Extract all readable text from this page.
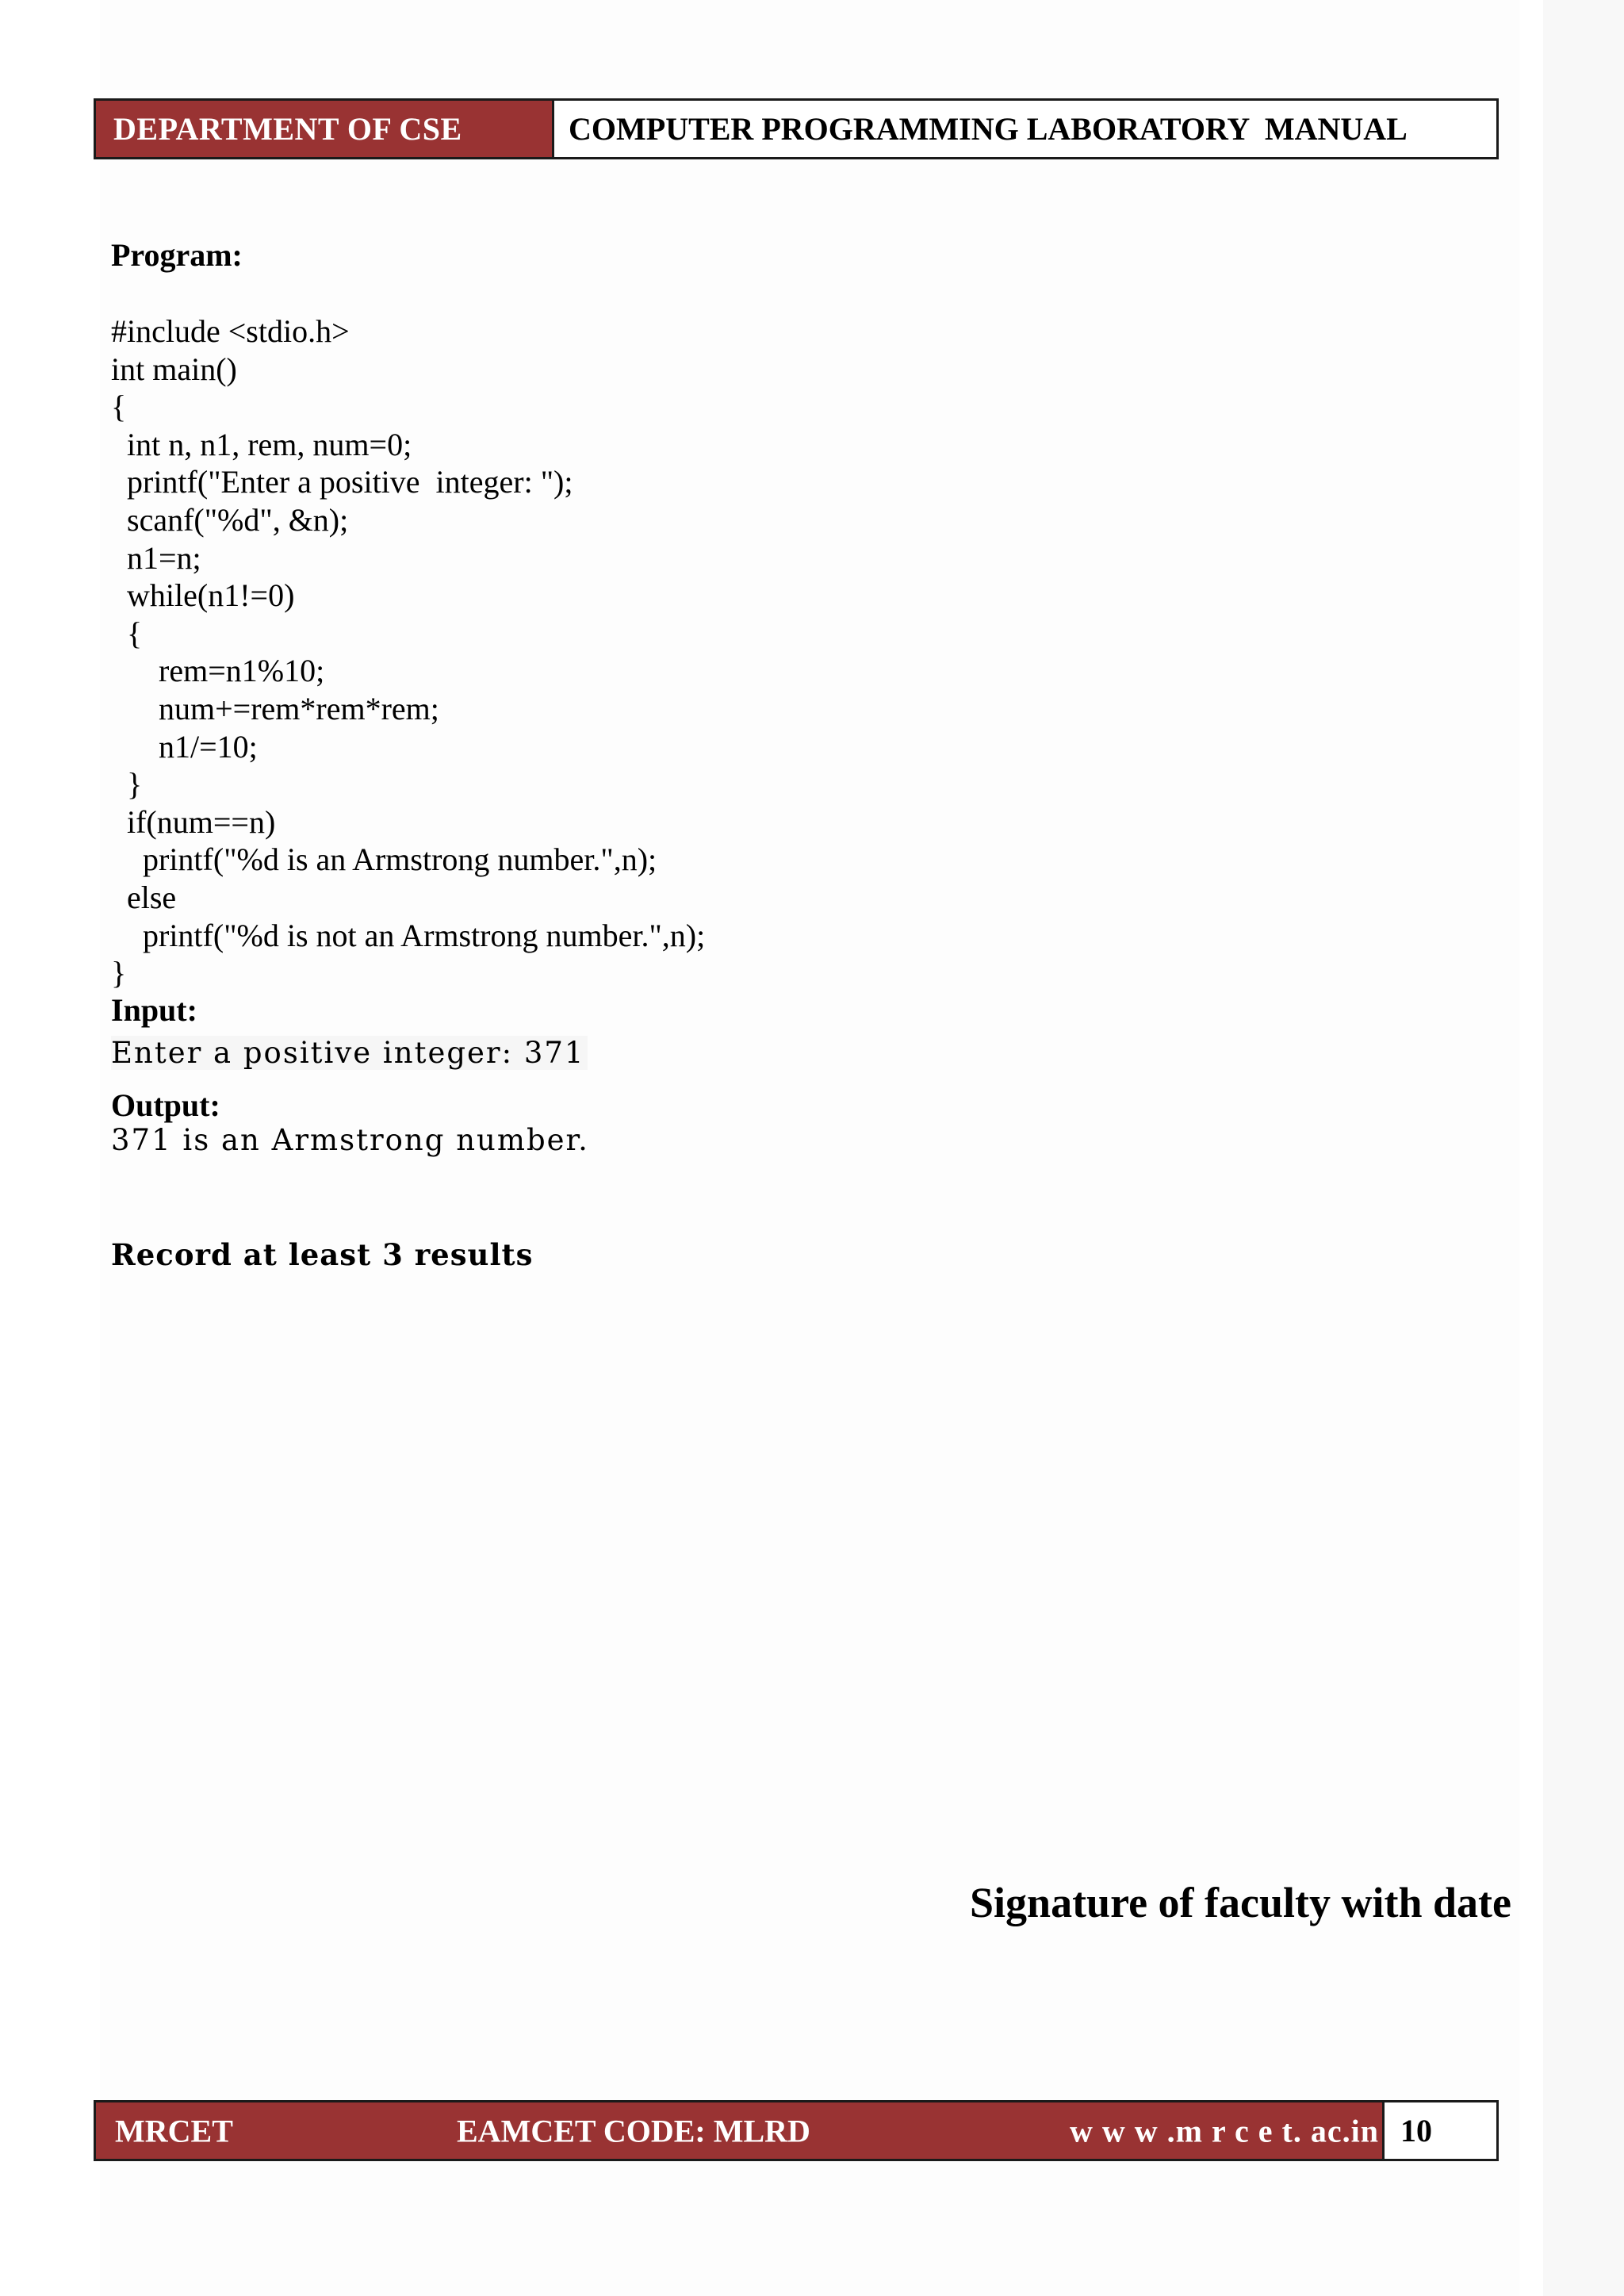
DEPARTMENT OF CSE	COMPUTER PROGRAMMING LABORATORY  MANUAL
Program:
#include <stdio.h>
int main()
{
int n, n1, rem, num=0;
printf("Enter a positive  integer: ");
scanf("%d", &n);
n1=n;
while(n1!=0)
{
rem=n1%10;
num+=rem*rem*rem;
n1/=10;
}
if(num==n)
printf("%d is an Armstrong number.",n);
else
printf("%d is not an Armstrong number.",n);
}
Input:
Enter a positive integer: 371
Output:
371 is an Armstrong number.
Record at least 3 results
Signature of faculty with date
MRCET	EAMCET CODE: MLRD	w w w .m r c e t. ac.in 10
